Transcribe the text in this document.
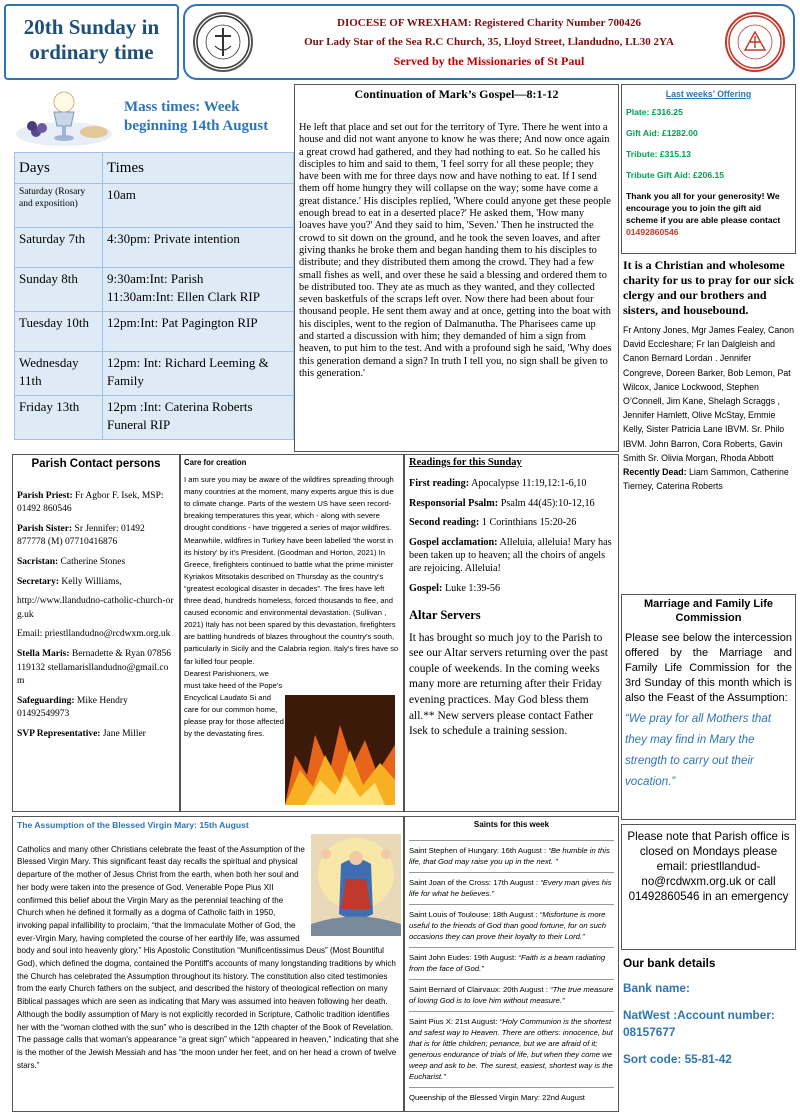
20th Sunday in ordinary time
DIOCESE OF WREXHAM: Registered Charity Number 700426
Our Lady Star of the Sea R.C Church, 35, Lloyd Street, Llandudno, LL30 2YA
Served by the Missionaries of St Paul
Mass times: Week beginning 14th August
Days	Times
Saturday (Rosary and exposition)	10am
Saturday 7th	4:30pm: Private intention
Sunday 8th	9:30am:Int: Parish
11:30am:Int: Ellen Clark RIP
Tuesday 10th	12pm:Int: Pat Pagington RIP
Wednesday 11th	12pm: Int: Richard Leeming & Family
Friday 13th	12pm :Int: Caterina Roberts Funeral RIP
Continuation of Mark’s Gospel—8:1-12
He left that place and set out for the territory of Tyre. There he went into a house and did not want anyone to know he was there; And now once again a great crowd had gathered, and they had nothing to eat. So he called his disciples to him and said to them, 'I feel sorry for all these people; they have been with me for three days now and have nothing to eat. If I send them off home hungry they will collapse on the way; some have come a great distance.' His disciples replied, 'Where could anyone get these people enough bread to eat in a deserted place?' He asked them, 'How many loaves have you?' And they said to him, 'Seven.' Then he instructed the crowd to sit down on the ground, and he took the seven loaves, and after giving thanks he broke them and began handing them to his disciples to distribute; and they distributed them among the crowd. They had a few small fishes as well, and over these he said a blessing and ordered them to be distributed too. They ate as much as they wanted, and they collected seven basketfuls of the scraps left over. Now there had been about four thousand people. He sent them away and at once, getting into the boat with his disciples, went to the region of Dalmanutha. The Pharisees came up and started a discussion with him; they demanded of him a sign from heaven, to put him to the test. And with a profound sigh he said, 'Why does this generation demand a sign? In truth I tell you, no sign shall be given to this generation.'
Last weeks’ Offering
Plate: £316.25
Gift Aid: £1282.00
Tribute: £315.13
Tribute Gift Aid: £206.15
Thank you all for your generosity! We encourage you to join the gift aid scheme if you are able please contact
01492860546
It is a Christian and wholesome charity for us to pray for our sick clergy and our brothers and sisters, and housebound.
Fr Antony Jones, Mgr James Fealey, Canon David Eccleshare; Fr Ian Dalgleish and Canon Bernard Lordan . Jennifer Congreve, Doreen Barker, Bob Lemon, Pat Wilcox, Janice Lockwood, Stephen O’Connell, Jim Kane, Shelagh Scraggs , Jennifer Hamlett, Olive McStay, Emmie Kelly, Sister Patricia Lane IBVM. Sr. Philo IBVM. John Barron, Cora Roberts, Gavin Smith Sr. Olivia Morgan, Rhoda Abbott Recently Dead: Liam Sammon, Catherine Tierney, Caterina Roberts
Parish Contact persons

Parish Priest: Fr Agbor F. Isek, MSP: 01492 860546

Parish Sister: Sr Jennifer: 01492 877778 (M) 07710416876

Sacristan: Catherine Stones

Secretary: Kelly Williams,

http://www.llandudno-catholic-church-org.uk

Email: priestllandudno@rcdwxm.org.uk

Stella Maris: Bernadette & Ryan 07856119132 stellamarisllandudno@gmail.com

Safeguarding: Mike Hendry 01492549973

SVP Representative: Jane Miller

Care for creation
I am sure you may be aware of the wildfires spreading through many countries at the moment, many experts argue this is due to climate change. Parts of the western US have seen record-breaking temperatures this year, which - along with severe drought conditions - have triggered a series of major wildfires. Meanwhile, wildfires in Turkey have been labelled 'the worst in its history' by it’s President. (Goodman and Horton, 2021) In Greece, firefighters continued to battle what the prime minister Kyriakos Mitsotakis described on Thursday as the country’s “greatest ecological disaster in decades”. The fires have left three dead, hundreds homeless, forced thousands to flee, and caused economic and environmental devastation. (Sullivan , 2021) Italy has not been spared by this devastation, firefighters are battling hundreds of blazes throughout the country’s south, particularly in Sicily and the Calabria region. Italy’s fires have so far killed four people.
Dearest Parishioners, we must take heed of the Pope’s Encyclical Laudato Si and care for our common home, please pray for those affected by the devastating fires.
Readings for this Sunday

First reading: Apocalypse 11:19,12:1-6,10

Responsorial Psalm: Psalm 44(45):10-12,16

Second reading: 1 Corinthians 15:20-26

Gospel acclamation: Alleluia, alleluia! Mary has been taken up to heaven; all the choirs of angels are rejoicing. Alleluia!

Gospel: Luke 1:39-56

Altar Servers
It has brought so much joy to the Parish to see our Altar servers returning over the past couple of weekends. In the coming weeks many more are returning after their Friday evening practices. May God bless them all.** New servers please contact Father Isek to schedule a training session.
Marriage and Family Life Commission
Please see below the intercession offered by the Marriage and Family Life Commission for the 3rd Sunday of this month which is also the Feast of the Assumption:
“We pray for all Mothers that they may find in Mary the strength to carry out their vocation.”
Please note that Parish office is closed on Mondays please email: priestllandud-no@rcdwxm.org.uk or call 01492860546 in an emergency
Our bank details
Bank name:
NatWest :Account number: 08157677
Sort code: 55-81-42
The Assumption of the Blessed Virgin Mary: 15th August
Catholics and many other Christians celebrate the feast of the Assumption of the Blessed Virgin Mary. This significant feast day recalls the spiritual and physical departure of the mother of Jesus Christ from the earth, when both her soul and her body were taken into the presence of God. Venerable Pope Pius XII confirmed this belief about the Virgin Mary as the perennial teaching of the Church when he defined it formally as a dogma of Catholic faith in 1950, invoking papal infallibility to proclaim, “that the Immaculate Mother of God, the ever-Virgin Mary, having completed the course of her earthly life, was assumed body and soul into heavenly glory.” His Apostolic Constitution “Munificentissimus Deus” (Most Bountiful God), which defined the dogma, contained the Pontiff's accounts of many longstanding traditions by which the Church has celebrated the Assumption throughout its history. The constitution also cited testimonies from the early Church fathers on the subject, and described the history of theological reflection on many Biblical passages which are seen as indicating that Mary was assumed into heaven following her death. Although the bodily assumption of Mary is not explicitly recorded in Scripture, Catholic tradition identifies her with the “woman clothed with the sun” who is described in the 12th chapter of the Book of Revelation. The passage calls that woman's appearance “a great sign” which “appeared in heaven,” indicating that she is the mother of the Jewish Messiah and has “the moon under her feet, and on her head a crown of twelve stars.”
Saints for this week
Saint Stephen of Hungary: 16th August : “Be humble in this life, that God may raise you up in the next. ”
Saint Joan of the Cross: 17th August : “Every man gives his life for what he believes.”
Saint Louis of Toulouse: 18th August : “Misfortune is more useful to the friends of God than good fortune, for on such occasions they can prove their loyalty to their Lord.”
Saint John Eudes: 19th August: “Faith is a beam radiating from the face of God.”
Saint Bernard of Clairvaux: 20th August : “The true measure of loving God is to love him without measure.”
Saint Pius X: 21st August: “Holy Communion is the shortest and safest way to Heaven. There are others: innocence, but that is for little children; penance, but we are afraid of it; generous endurance of trials of life, but when they come we weep and ask to be. The surest, easiest, shortest way is the Eucharist.”
Queenship of the Blessed Virgin Mary: 22nd August
